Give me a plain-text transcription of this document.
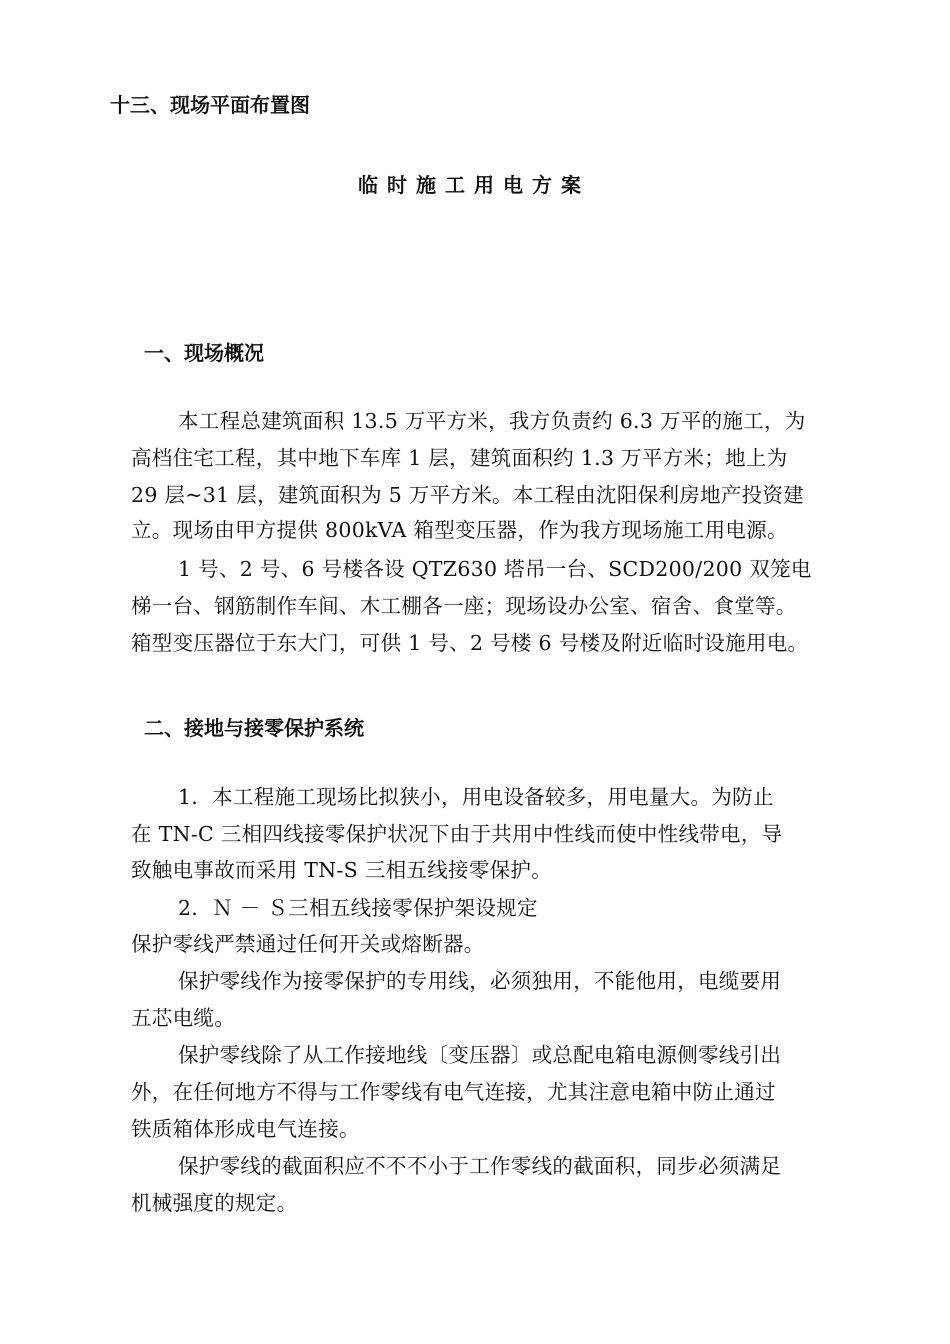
十三、现场平面布置图
临时施工用电方案
一、现场概况
本工程总建筑面积 13.5 万平方米，我方负责约 6.3 万平的施工，为
高档住宅工程，其中地下车库 1 层，建筑面积约 1.3 万平方米；地上为
29 层~31 层，建筑面积为 5 万平方米。本工程由沈阳保利房地产投资建
立。现场由甲方提供 800kVA 箱型变压器，作为我方现场施工用电源。
1 号、2 号、6 号楼各设 QTZ630 塔吊一台、SCD200/200 双笼电
梯一台、钢筋制作车间、木工棚各一座；现场设办公室、宿舍、食堂等。
箱型变压器位于东大门，可供 1 号、2 号楼 6 号楼及附近临时设施用电。
二、接地与接零保护系统
1．本工程施工现场比拟狭小，用电设备较多，用电量大。为防止
在 TN-C 三相四线接零保护状况下由于共用中性线而使中性线带电，导
致触电事故而采用 TN-S 三相五线接零保护。
2．Ｎ － Ｓ三相五线接零保护架设规定
保护零线严禁通过任何开关或熔断器。
保护零线作为接零保护的专用线，必须独用，不能他用，电缆要用
五芯电缆。
保护零线除了从工作接地线〔变压器〕或总配电箱电源侧零线引出
外，在任何地方不得与工作零线有电气连接，尤其注意电箱中防止通过
铁质箱体形成电气连接。
保护零线的截面积应不不不小于工作零线的截面积，同步必须满足
机械强度的规定。
